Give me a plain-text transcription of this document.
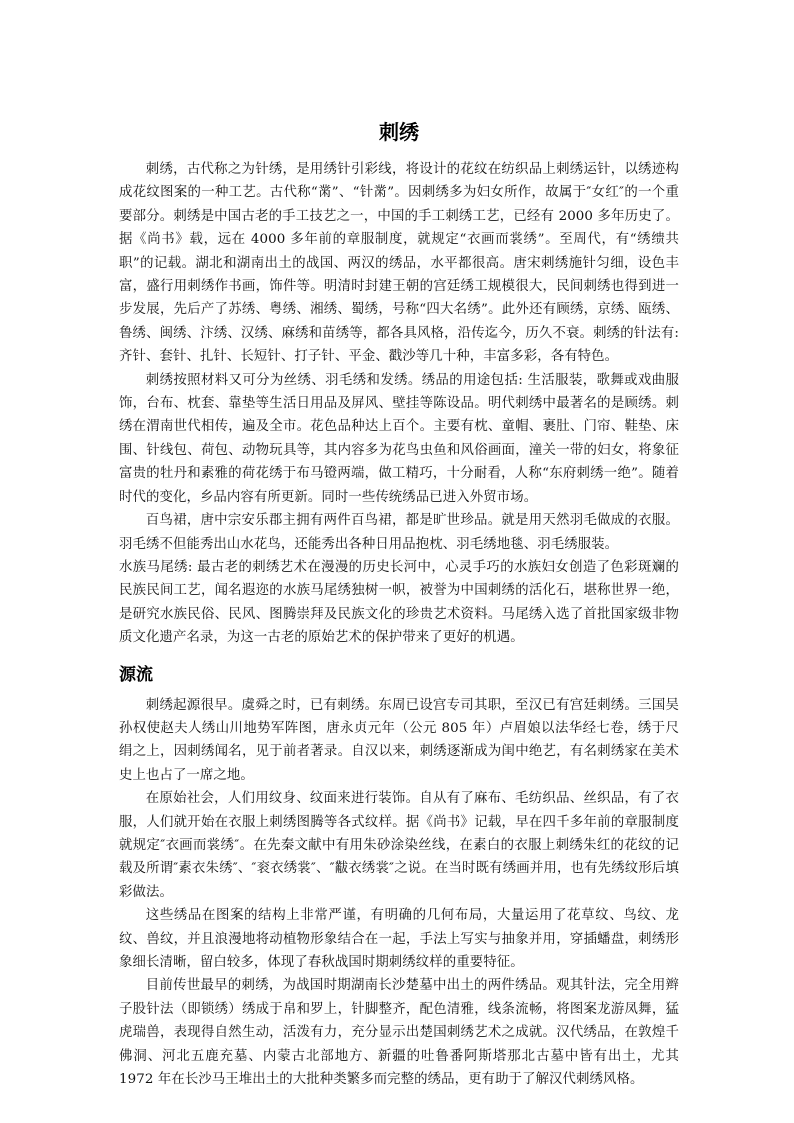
刺绣

刺绣，古代称之为针绣，是用绣针引彩线，将设计的花纹在纺织品上刺绣运针，以绣迹构成花纹图案的一种工艺。古代称“黹”、“针黹”。因刺绣多为妇女所作，故属于″女红″的一个重要部分。刺绣是中国古老的手工技艺之一，中国的手工刺绣工艺，已经有 2000 多年历史了。据《尚书》载，远在 4000 多年前的章服制度，就规定“衣画而裳绣”。至周代，有“绣缋共职”的记载。湖北和湖南出土的战国、两汉的绣品，水平都很高。唐宋刺绣施针匀细，设色丰富，盛行用刺绣作书画，饰件等。明清时封建王朝的宫廷绣工规模很大，民间刺绣也得到进一步发展，先后产了苏绣、粤绣、湘绣、蜀绣，号称“四大名绣”。此外还有顾绣，京绣、瓯绣、鲁绣、闽绣、汴绣、汉绣、麻绣和苗绣等，都各具风格，沿传迄今，历久不衰。刺绣的针法有: 齐针、套针、扎针、长短针、打子针、平金、戳沙等几十种，丰富多彩，各有特色。

刺绣按照材料又可分为丝绣、羽毛绣和发绣。绣品的用途包括: 生活服装，歌舞或戏曲服饰，台布、枕套、靠垫等生活日用品及屏风、壁挂等陈设品。明代刺绣中最著名的是顾绣。刺绣在渭南世代相传，遍及全市。花色品种达上百个。主要有枕、童帽、裹肚、门帘、鞋垫、床围、针线包、荷包、动物玩具等，其内容多为花鸟虫鱼和风俗画面，潼关一带的妇女，将象征富贵的牡丹和素雅的荷花绣于布马镫两端，做工精巧，十分耐看，人称“东府刺绣一绝”。随着时代的变化，乡品内容有所更新。同时一些传统绣品已进入外贸市场。

百鸟裙，唐中宗安乐郡主拥有两件百鸟裙，都是旷世珍品。就是用天然羽毛做成的衣服。羽毛绣不但能秀出山水花鸟，还能秀出各种日用品抱枕、羽毛绣地毯、羽毛绣服装。

水族马尾绣: 最古老的刺绣艺术在漫漫的历史长河中，心灵手巧的水族妇女创造了色彩斑斓的民族民间工艺，闻名遐迩的水族马尾绣独树一帜，被誉为中国刺绣的活化石，堪称世界一绝，是研究水族民俗、民风、图腾崇拜及民族文化的珍贵艺术资料。马尾绣入选了首批国家级非物质文化遗产名录，为这一古老的原始艺术的保护带来了更好的机遇。

源流

刺绣起源很早。虞舜之时，已有刺绣。东周已设宫专司其职，至汉已有宫廷刺绣。三国吴孙权使赵夫人绣山川地势军阵图，唐永贞元年（公元 805 年）卢眉娘以法华经七卷，绣于尺绢之上，因刺绣闻名，见于前者著录。自汉以来，刺绣逐渐成为闺中绝艺，有名刺绣家在美术史上也占了一席之地。

在原始社会，人们用纹身、纹面来进行装饰。自从有了麻布、毛纺织品、丝织品，有了衣服，人们就开始在衣服上刺绣图腾等各式纹样。据《尚书》记载，早在四千多年前的章服制度就规定″衣画而裳绣″。在先秦文献中有用朱砂涂染丝线，在素白的衣服上刺绣朱红的花纹的记载及所谓″素衣朱绣″、″衮衣绣裳″、″黻衣绣裳″之说。在当时既有绣画并用，也有先绣纹形后填彩做法。

这些绣品在图案的结构上非常严谨，有明确的几何布局，大量运用了花草纹、鸟纹、龙纹、兽纹，并且浪漫地将动植物形象结合在一起，手法上写实与抽象并用，穿插蟠盘，刺绣形象细长清晰，留白较多，体现了春秋战国时期刺绣纹样的重要特征。

目前传世最早的刺绣，为战国时期湖南长沙楚墓中出土的两件绣品。观其针法，完全用辫子股针法（即锁绣）绣成于帛和罗上，针脚整齐，配色清雅，线条流畅，将图案龙游凤舞，猛虎瑞兽，表现得自然生动，活泼有力，充分显示出楚国刺绣艺术之成就。汉代绣品，在敦煌千佛洞、河北五鹿充墓、内蒙古北部地方、新疆的吐鲁番阿斯塔那北古墓中皆有出土，尤其 1972 年在长沙马王堆出土的大批种类繁多而完整的绣品，更有助于了解汉代刺绣风格。
